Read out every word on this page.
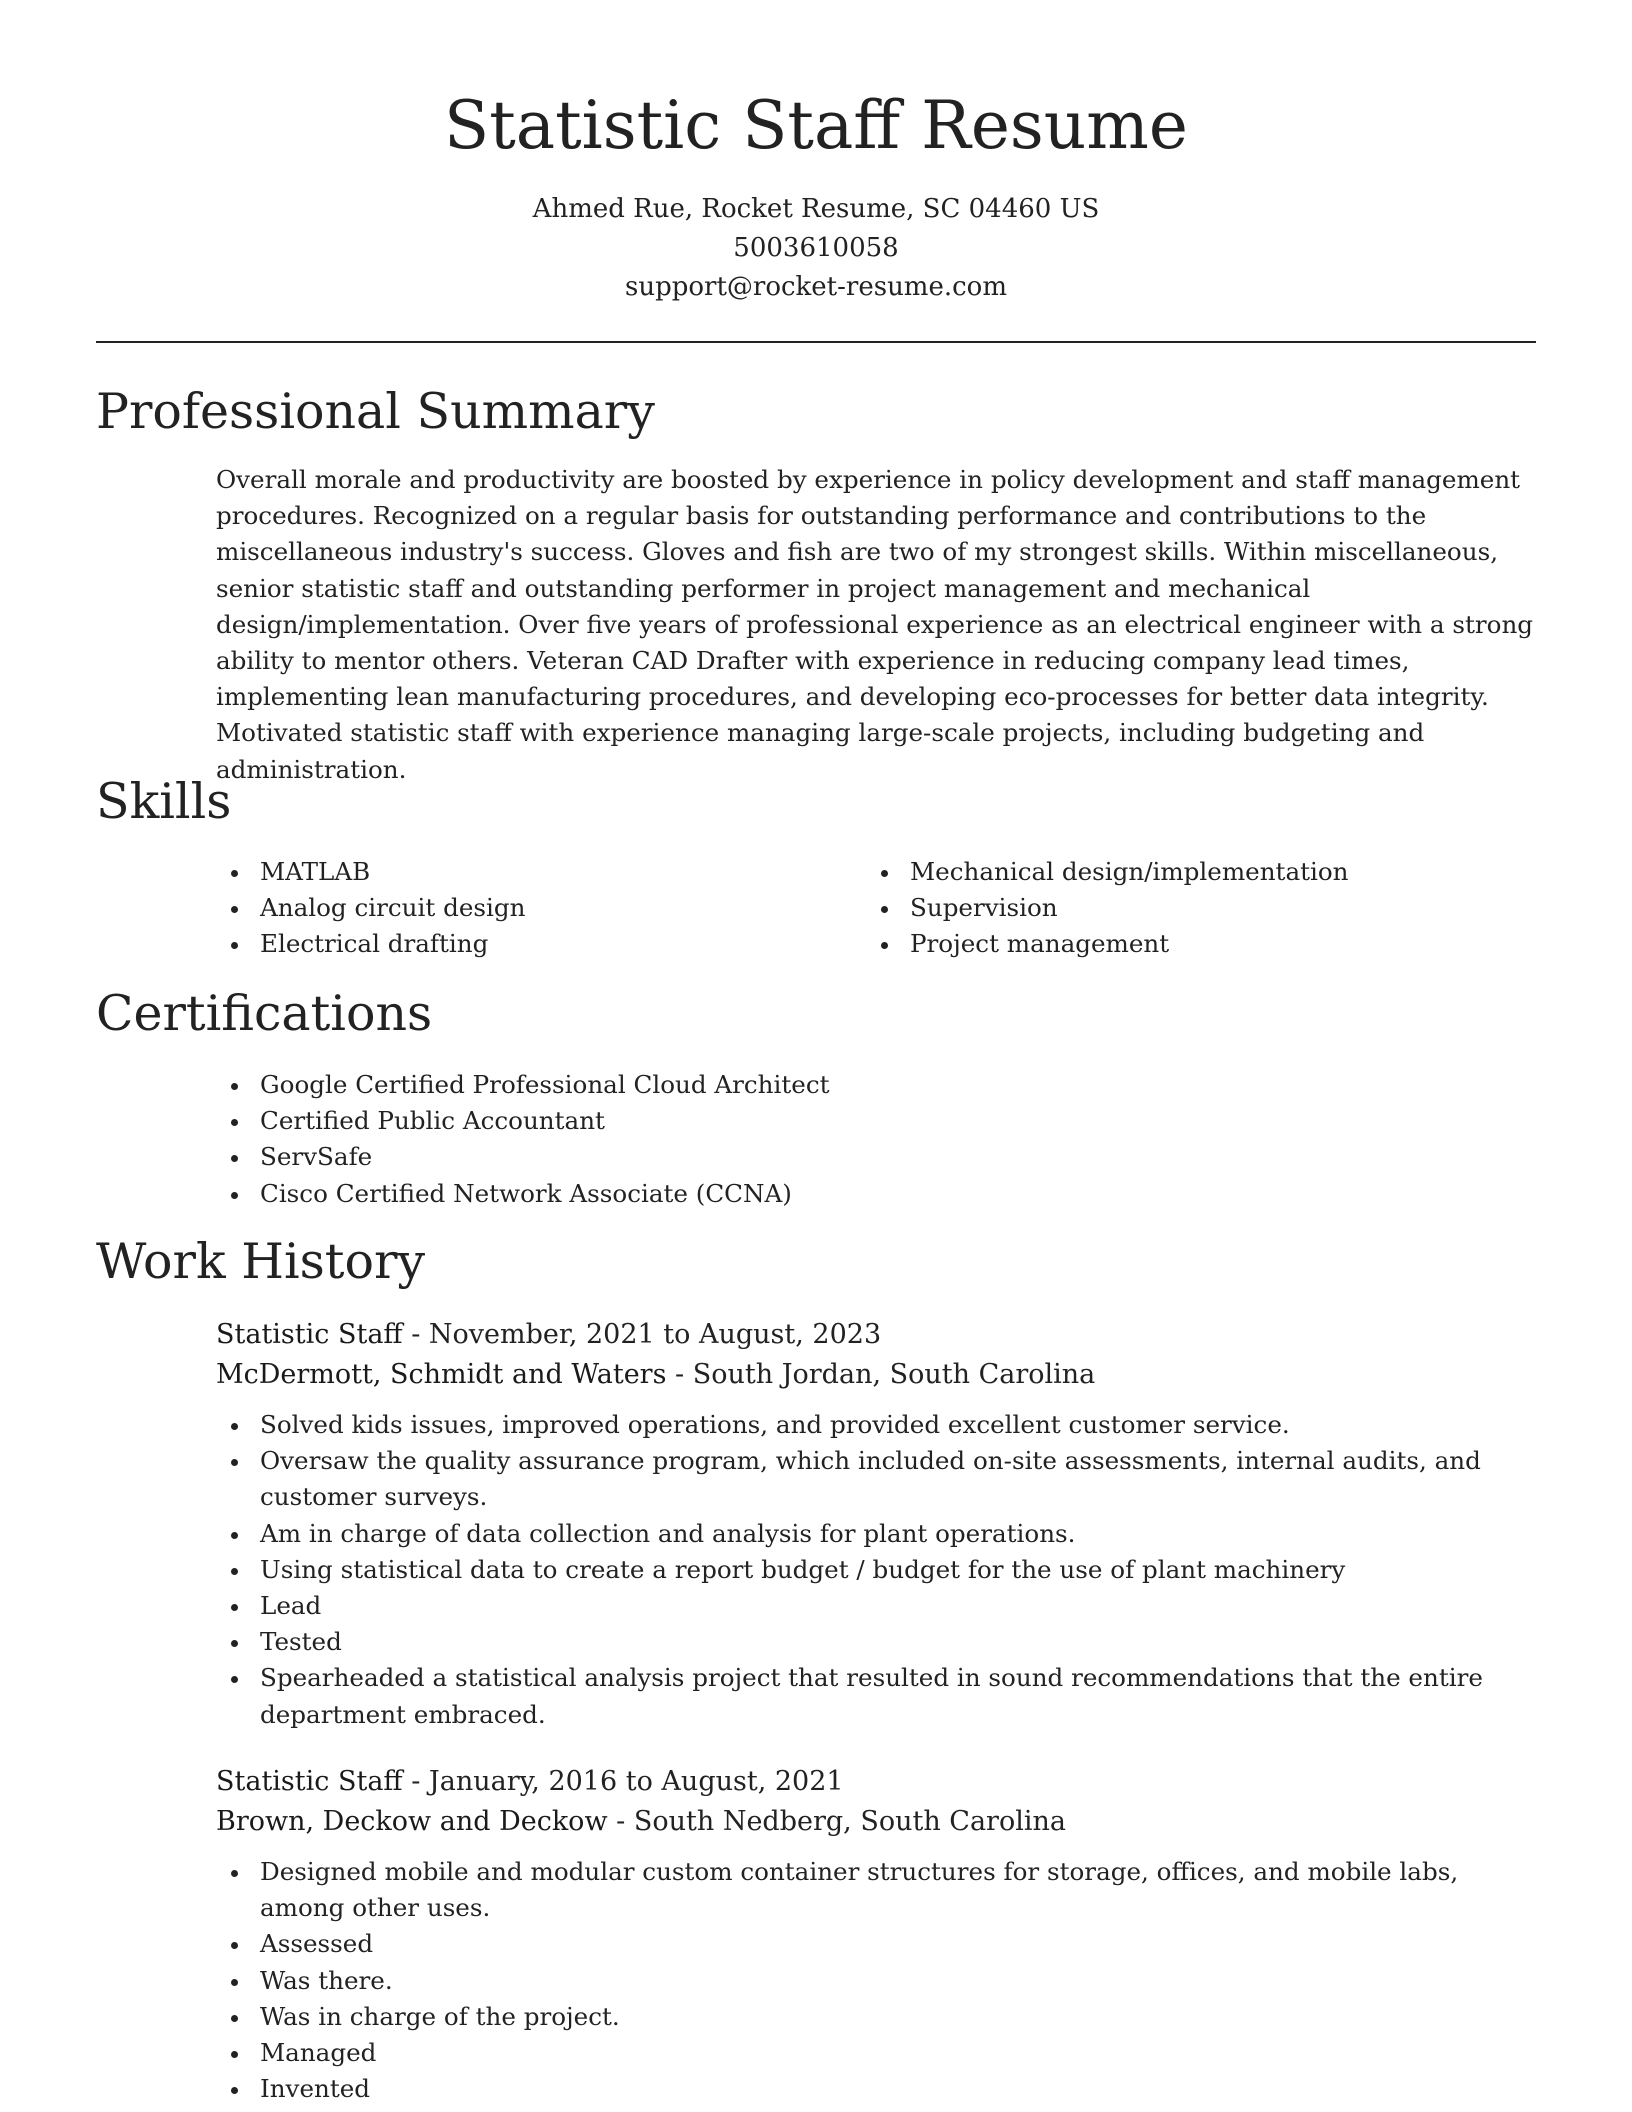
Statistic Staff Resume
Ahmed Rue, Rocket Resume, SC 04460 US
5003610058
support@rocket-resume.com
Professional Summary

Overall morale and productivity are boosted by experience in policy development and staff management procedures. Recognized on a regular basis for outstanding performance and contributions to the miscellaneous industry's success. Gloves and fish are two of my strongest skills. Within miscellaneous, senior statistic staff and outstanding performer in project management and mechanical design/implementation. Over five years of professional experience as an electrical engineer with a strong ability to mentor others. Veteran CAD Drafter with experience in reducing company lead times, implementing lean manufacturing procedures, and developing eco-processes for better data integrity. Motivated statistic staff with experience managing large-scale projects, including budgeting and administration.

Skills
MATLAB
Analog circuit design
Electrical drafting
Mechanical design/implementation
Supervision
Project management
Certifications
Google Certified Professional Cloud Architect
Certified Public Accountant
ServSafe
Cisco Certified Network Associate (CCNA)
Work History
Statistic Staff - November, 2021 to August, 2023
McDermott, Schmidt and Waters - South Jordan, South Carolina
Solved kids issues, improved operations, and provided excellent customer service.
Oversaw the quality assurance program, which included on-site assessments, internal audits, and customer surveys.
Am in charge of data collection and analysis for plant operations.
Using statistical data to create a report budget / budget for the use of plant machinery
Lead
Tested
Spearheaded a statistical analysis project that resulted in sound recommendations that the entire department embraced.
Statistic Staff - January, 2016 to August, 2021
Brown, Deckow and Deckow - South Nedberg, South Carolina
Designed mobile and modular custom container structures for storage, offices, and mobile labs, among other uses.
Assessed
Was there.
Was in charge of the project.
Managed
Invented
